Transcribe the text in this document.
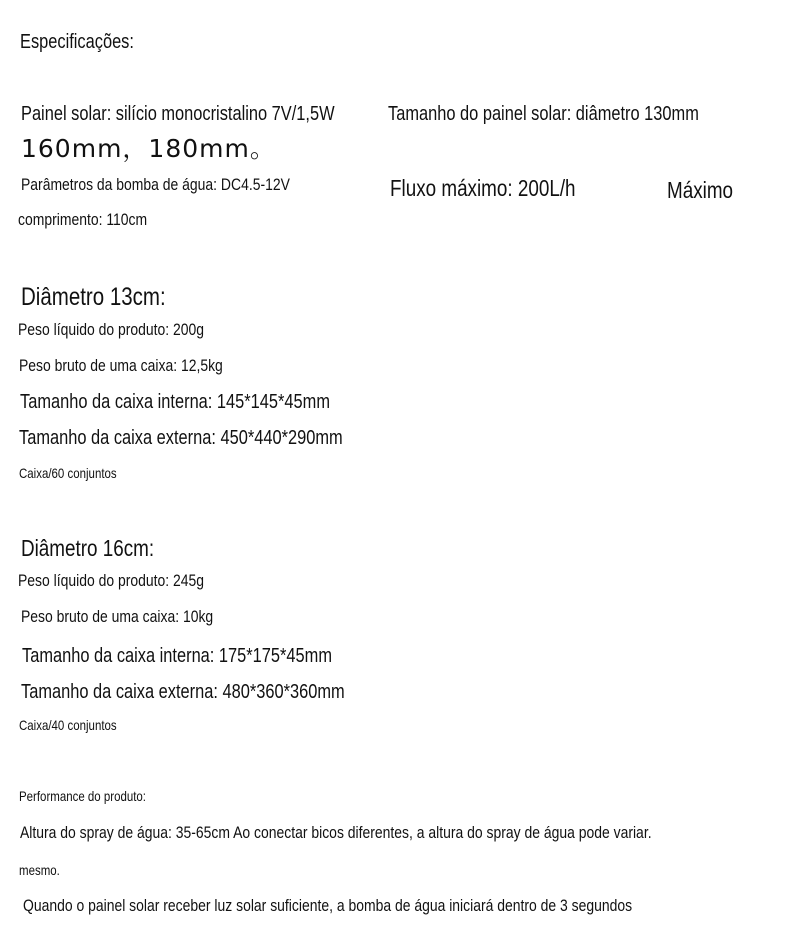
Especificações:
Painel solar: silício monocristalino 7V/1,5W	Tamanho do painel solar: diâmetro 130mm
160mm，180mm。
Parâmetros da bomba de água: DC4.5-12V	Fluxo máximo: 200L/h	Máximo
comprimento: 110cm
Diâmetro 13cm:
Peso líquido do produto: 200g
Peso bruto de uma caixa: 12,5kg
Tamanho da caixa interna: 145*145*45mm
Tamanho da caixa externa: 450*440*290mm
Caixa/60 conjuntos
Diâmetro 16cm:
Peso líquido do produto: 245g
Peso bruto de uma caixa: 10kg
Tamanho da caixa interna: 175*175*45mm
Tamanho da caixa externa: 480*360*360mm
Caixa/40 conjuntos
Performance do produto:
Altura do spray de água: 35-65cm Ao conectar bicos diferentes, a altura do spray de água pode variar.
mesmo.
Quando o painel solar receber luz solar suficiente, a bomba de água iniciará dentro de 3 segundos
